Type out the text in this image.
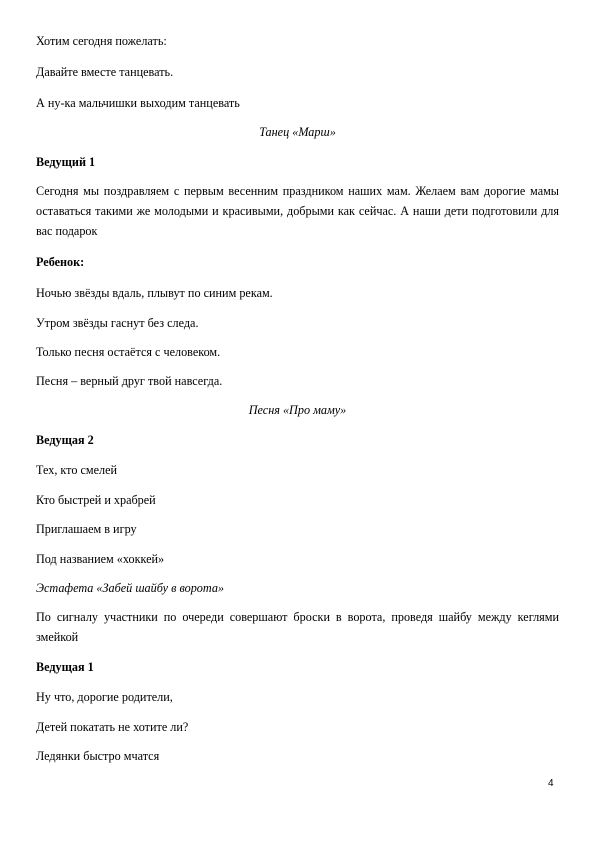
Хотим сегодня пожелать:
Давайте вместе танцевать.
А ну-ка мальчишки выходим танцевать
Танец «Марш»
Ведущий 1
Сегодня мы поздравляем с первым весенним праздником наших мам. Желаем вам дорогие мамы оставаться такими же молодыми и красивыми, добрыми как сейчас. А наши дети подготовили для вас подарок
Ребенок:
Ночью звёзды вдаль, плывут по синим рекам.
Утром звёзды гаснут без следа.
Только песня остаётся с человеком.
Песня – верный друг твой навсегда.
Песня «Про маму»
Ведущая 2
Тех, кто смелей
Кто быстрей и храбрей
Приглашаем в игру
Под названием «хоккей»
Эстафета «Забей шайбу в ворота»
По сигналу участники по очереди совершают броски в ворота, проведя шайбу между кеглями змейкой
Ведущая 1
Ну что, дорогие родители,
Детей покатать не хотите ли?
Ледянки быстро мчатся
4
